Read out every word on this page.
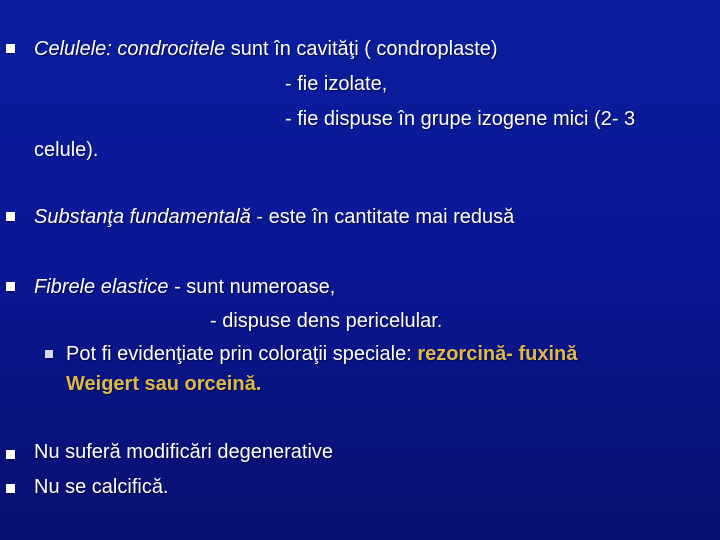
Celulele: condrocitele sunt în cavităţi ( condroplaste)
- fie izolate,
- fie dispuse în grupe izogene mici (2- 3
celule).
Substanţa fundamentală - este în cantitate mai redusă
Fibrele elastice - sunt numeroase,
- dispuse dens pericelular.
Pot fi evidenţiate prin coloraţii speciale: rezorcină- fuxină
Weigert sau orceină.
Nu suferă modificări degenerative
Nu se calcifică.
